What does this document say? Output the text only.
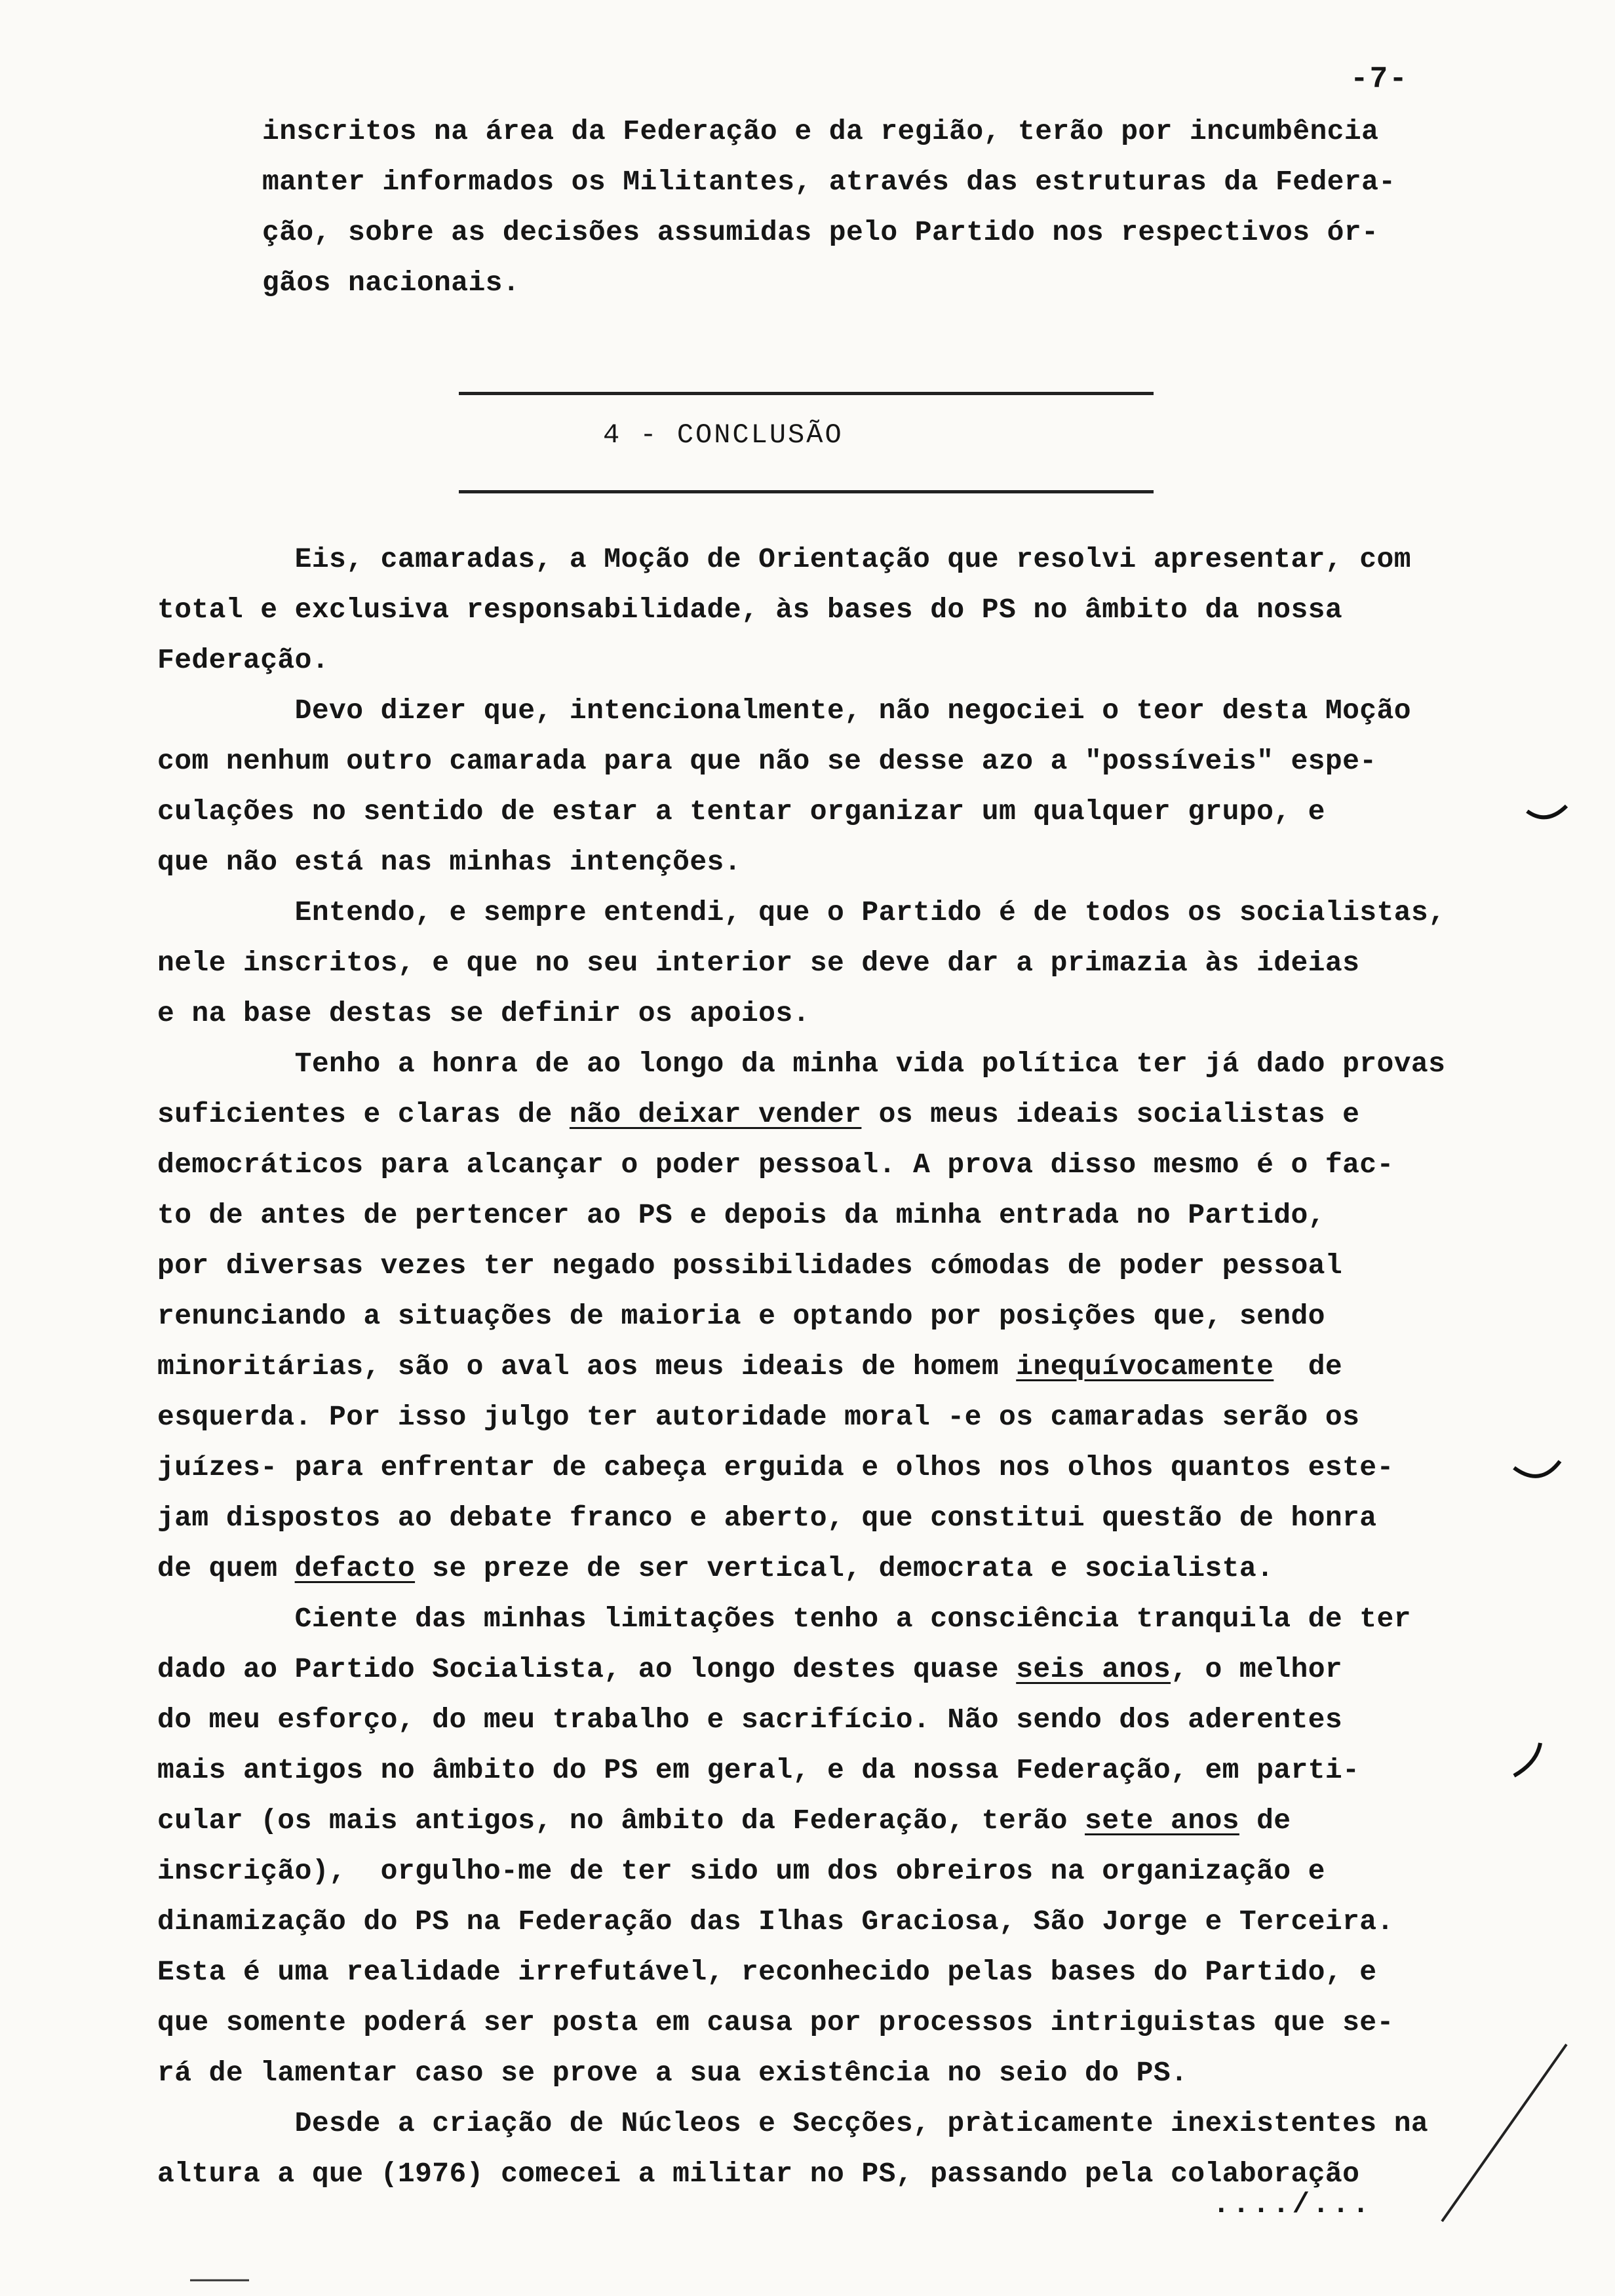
-7-
inscritos na área da Federação e da região, terão por incumbência
manter informados os Militantes, através das estruturas da Federa-
ção, sobre as decisões assumidas pelo Partido nos respectivos ór-
gãos nacionais.
4 - CONCLUSÃO
Eis, camaradas, a Moção de Orientação que resolvi apresentar, com
total e exclusiva responsabilidade, às bases do PS no âmbito da nossa
Federação.
Devo dizer que, intencionalmente, não negociei o teor desta Moção
com nenhum outro camarada para que não se desse azo a "possíveis" espe-
culações no sentido de estar a tentar organizar um qualquer grupo, e
que não está nas minhas intenções.
Entendo, e sempre entendi, que o Partido é de todos os socialistas,
nele inscritos, e que no seu interior se deve dar a primazia às ideias
e na base destas se definir os apoios.
Tenho a honra de ao longo da minha vida política ter já dado provas
suficientes e claras de não deixar vender os meus ideais socialistas e
democráticos para alcançar o poder pessoal. A prova disso mesmo é o fac-
to de antes de pertencer ao PS e depois da minha entrada no Partido,
por diversas vezes ter negado possibilidades cómodas de poder pessoal
renunciando a situações de maioria e optando por posições que, sendo
minoritárias, são o aval aos meus ideais de homem inequívocamente  de
esquerda. Por isso julgo ter autoridade moral -e os camaradas serão os
juízes- para enfrentar de cabeça erguida e olhos nos olhos quantos este-
jam dispostos ao debate franco e aberto, que constitui questão de honra
de quem defacto se preze de ser vertical, democrata e socialista.
Ciente das minhas limitações tenho a consciência tranquila de ter
dado ao Partido Socialista, ao longo destes quase seis anos, o melhor
do meu esforço, do meu trabalho e sacrifício. Não sendo dos aderentes
mais antigos no âmbito do PS em geral, e da nossa Federação, em parti-
cular (os mais antigos, no âmbito da Federação, terão sete anos de
inscrição),  orgulho-me de ter sido um dos obreiros na organização e
dinamização do PS na Federação das Ilhas Graciosa, São Jorge e Terceira.
Esta é uma realidade irrefutável, reconhecido pelas bases do Partido, e
que somente poderá ser posta em causa por processos intriguistas que se-
rá de lamentar caso se prove a sua existência no seio do PS.
Desde a criação de Núcleos e Secções, pràticamente inexistentes na
altura a que (1976) comecei a militar no PS, passando pela colaboração
..../...
